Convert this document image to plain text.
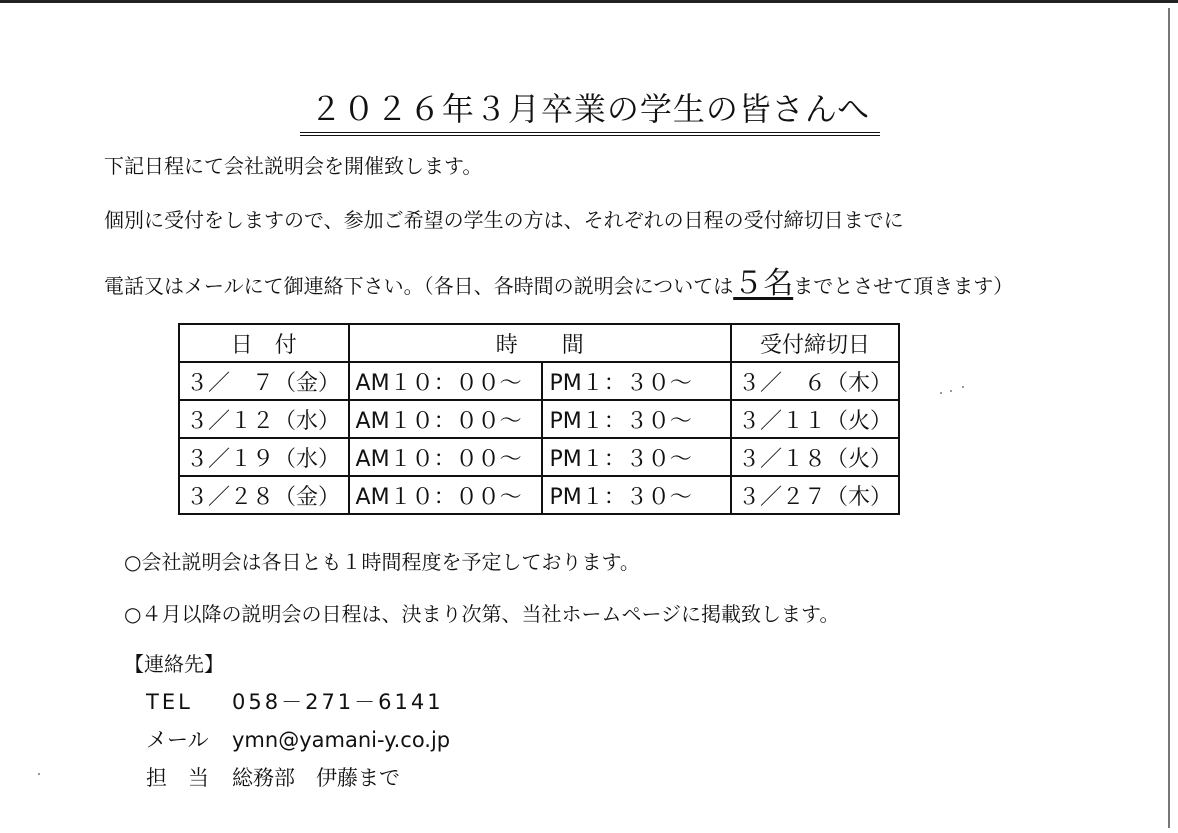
２０２６年３月卒業の学生の皆さんへ
下記日程にて会社説明会を開催致します。
個別に受付をしますので、参加ご希望の学生の方は、それぞれの日程の受付締切日までに
電話又はメールにて御連絡下さい。（各日、各時間の説明会については５名までとさせて頂きます）
日　付	時　　間		受付締切日
３／　７（金）	AM１０：００～	PM１：３０～	３／　６（木）
３／１２（水）	AM１０：００～	PM１：３０～	３／１１（火）
３／１９（水）	AM１０：００～	PM１：３０～	３／１８（火）
３／２８（金）	AM１０：００～	PM１：３０～	３／２７（木）
○会社説明会は各日とも１時間程度を予定しております。
○４月以降の説明会の日程は、決まり次第、当社ホームページに掲載致します。
【連絡先】
TEL 058－271－6141
メール ymn@yamani-y.co.jp
担　当 総務部　伊藤まで
